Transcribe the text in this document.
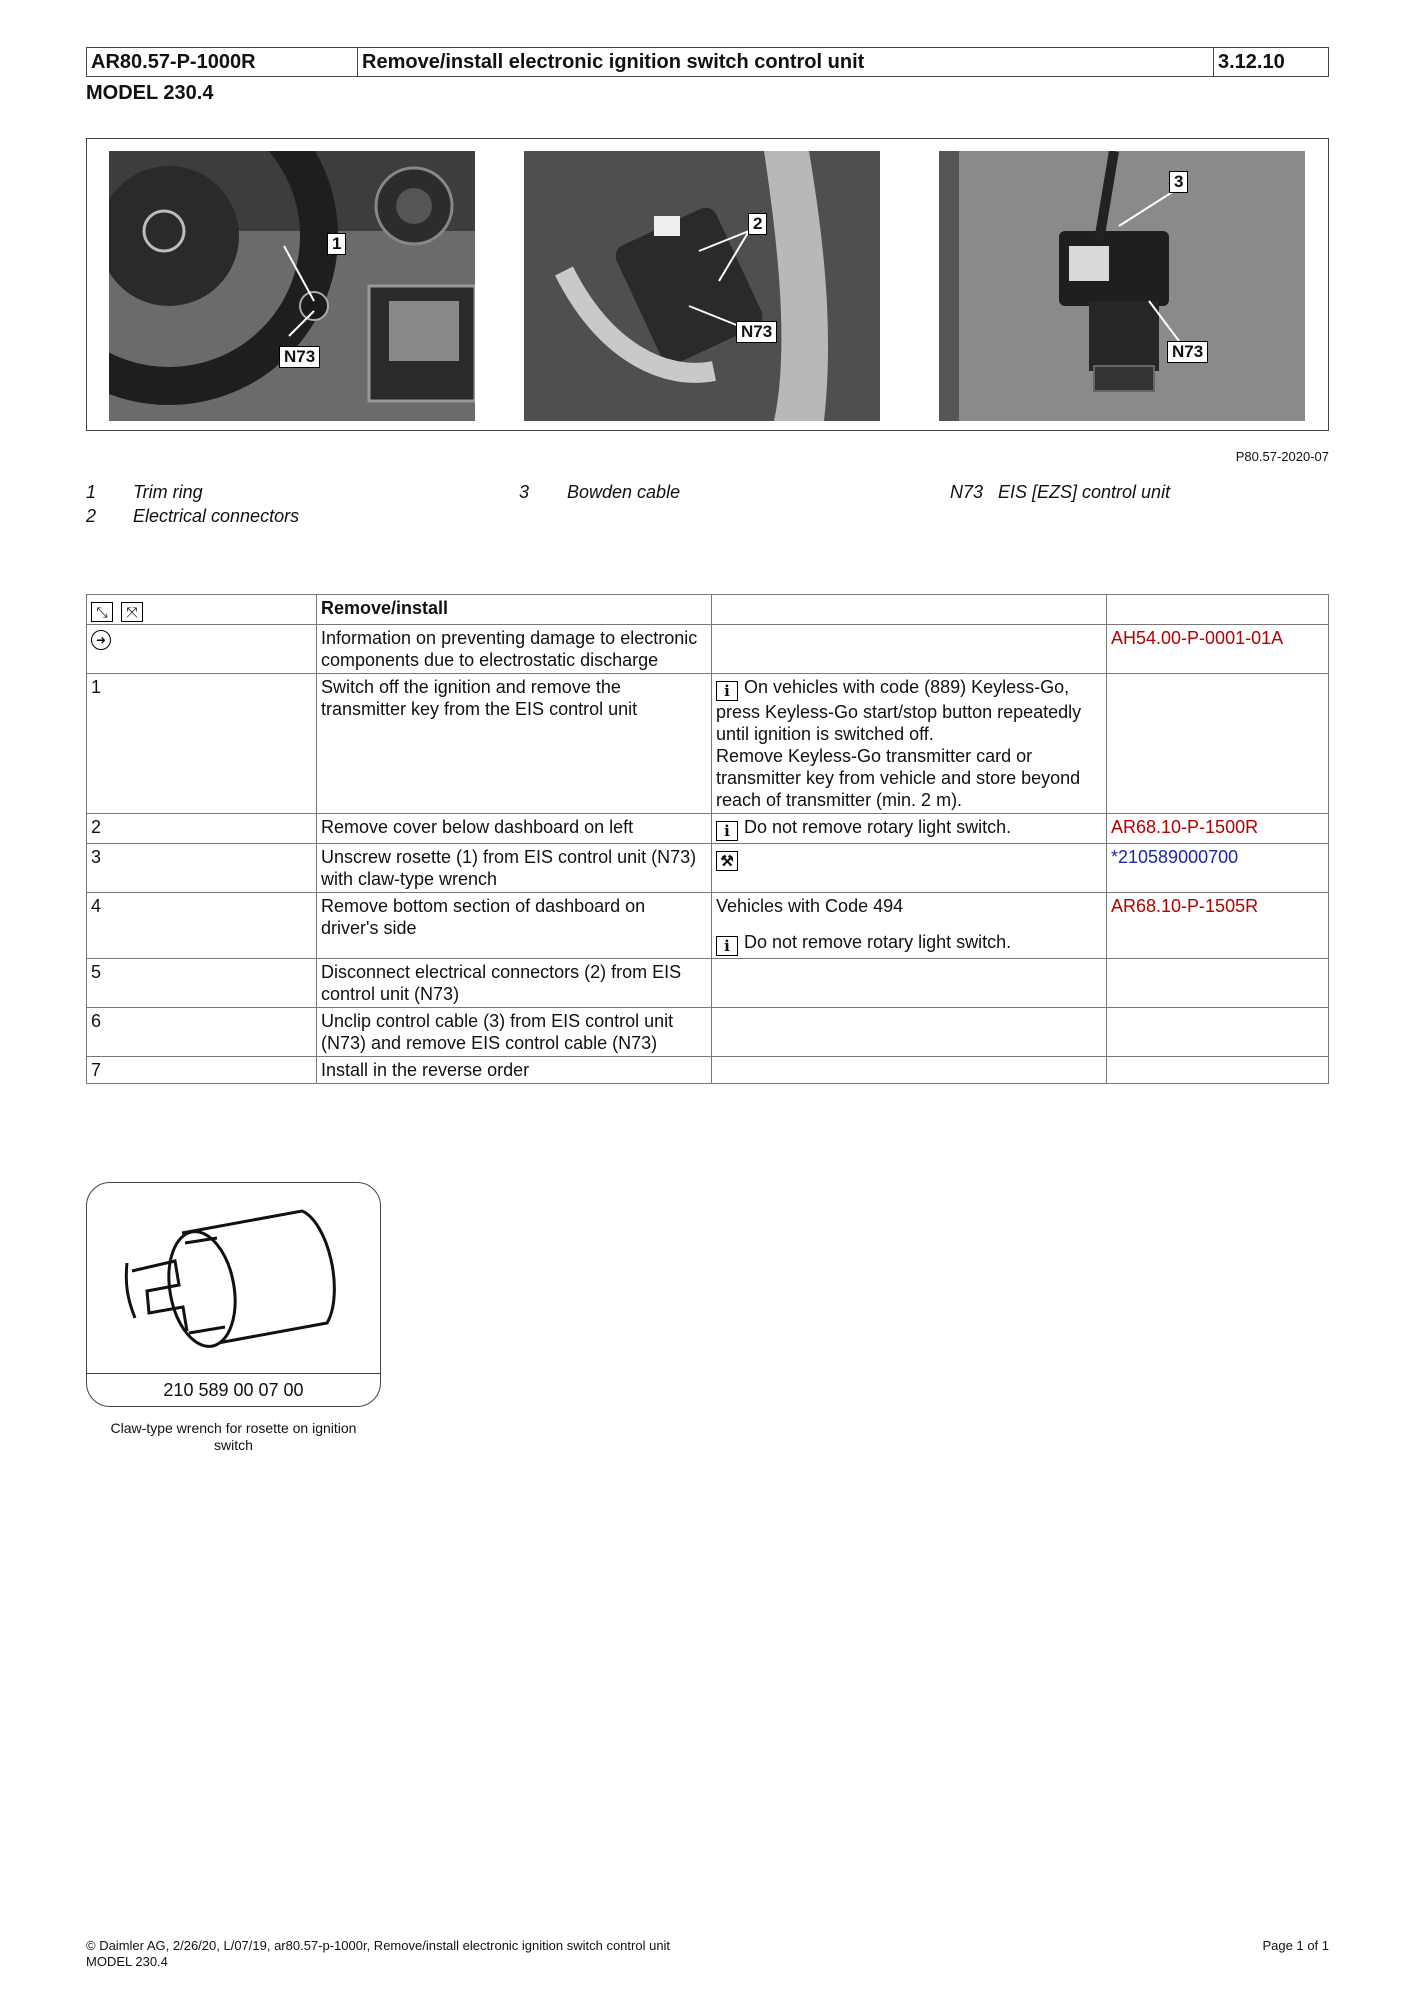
AR80.57-P-1000R	Remove/install electronic ignition switch control unit	3.12.10
MODEL 230.4
1
N73
2
N73
3
N73
P80.57-2020-07
1 Trim ring
2 Electrical connectors
3 Bowden cable	N73 EIS [EZS] control unit
⤡ ⤧	Remove/install		
➜	Information on preventing damage to electronic components due to electrostatic discharge		AH54.00-P-0001-01A
1	Switch off the ignition and remove the transmitter key from the EIS control unit	i On vehicles with code (889) Keyless-Go, press Keyless-Go start/stop button repeatedly until ignition is switched off.
Remove Keyless-Go transmitter card or transmitter key from vehicle and store beyond reach of transmitter (min. 2 m).	
2	Remove cover below dashboard on left	i Do not remove rotary light switch.	AR68.10-P-1500R
3	Unscrew rosette (1) from EIS control unit (N73) with claw-type wrench	⚒	*210589000700
4	Remove bottom section of dashboard on driver's side	Vehicles with Code 494
i Do not remove rotary light switch.	AR68.10-P-1505R
5	Disconnect electrical connectors (2) from EIS control unit (N73)		
6	Unclip control cable (3) from EIS control unit (N73) and remove EIS control cable (N73)		
7	Install in the reverse order		
210 589 00 07 00
Claw-type wrench for rosette on ignition switch
© Daimler AG, 2/26/20, L/07/19, ar80.57-p-1000r, Remove/install electronic ignition switch control unit
MODEL 230.4
Page 1 of 1
